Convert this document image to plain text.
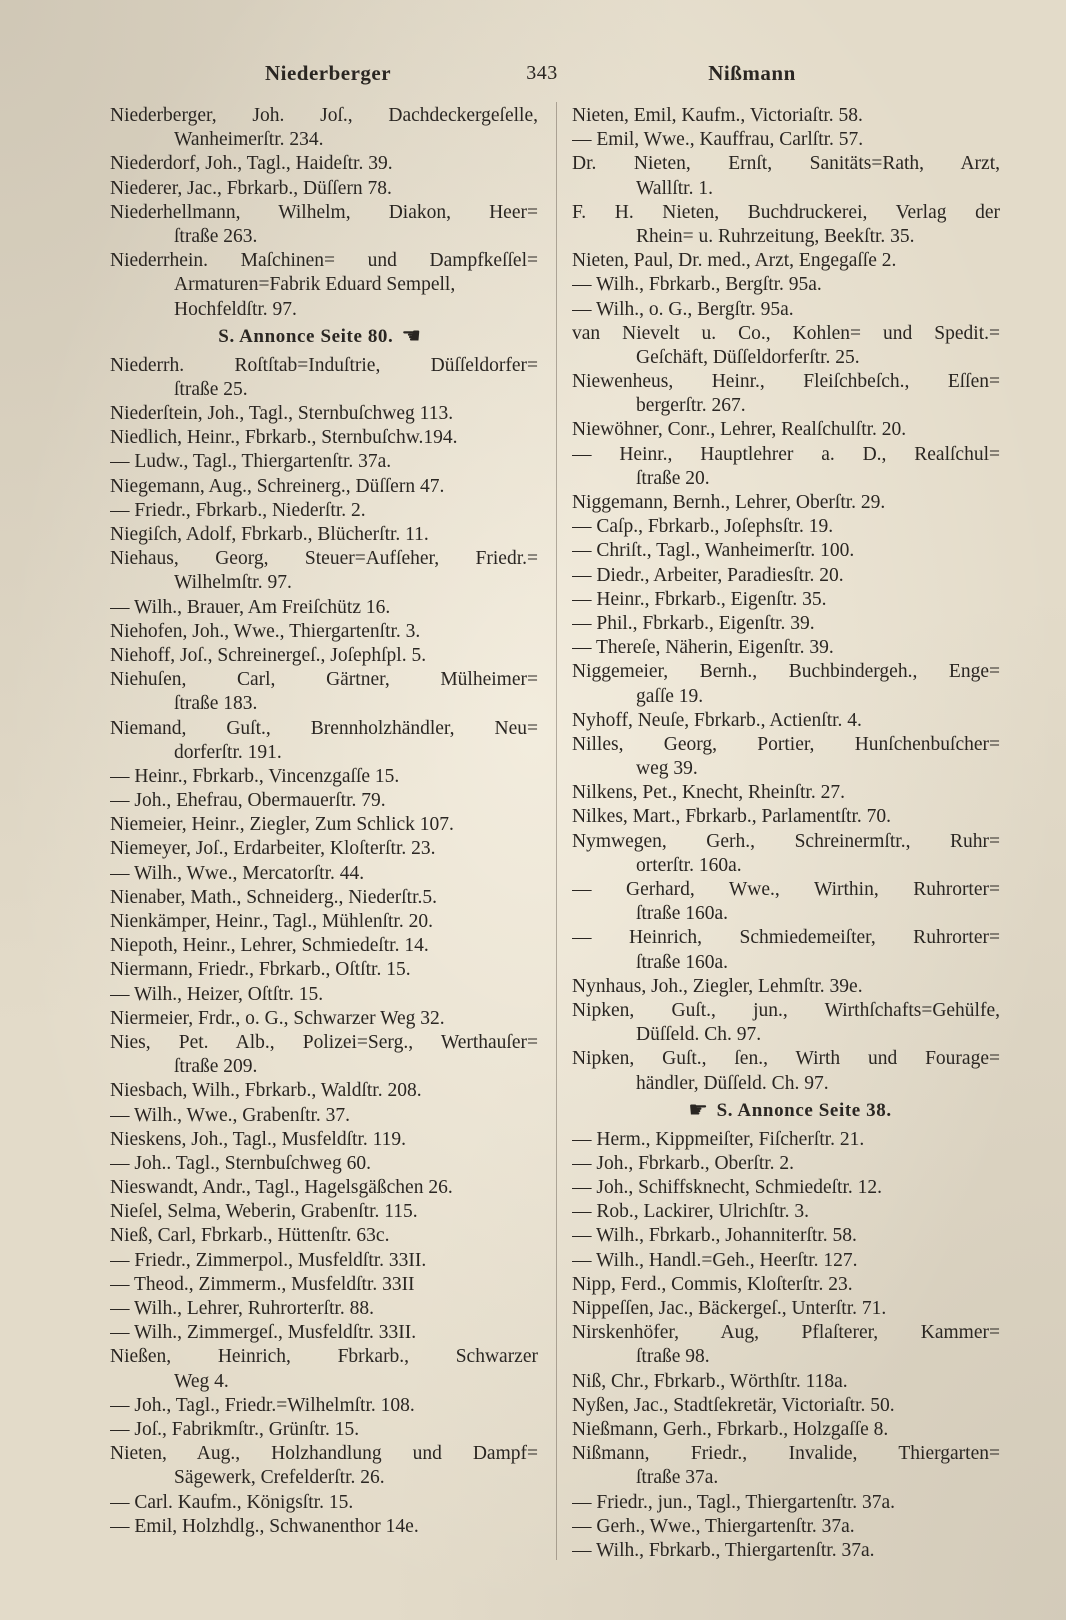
Niederberger	343	Nißmann
Niederberger, Joh. Joſ., Dachdeckergeſelle,
Wanheimerſtr. 234.
Niederdorf, Joh., Tagl., Haideſtr. 39.
Niederer, Jac., Fbrkarb., Düſſern 78.
Niederhellmann, Wilhelm, Diakon, Heer=
ſtraße 263.
Niederrhein. Maſchinen= und Dampfkeſſel=
Armaturen=Fabrik Eduard Sempell,
Hochfeldſtr. 97.
S. Annonce Seite 80. ☚
Niederrh. Roſtſtab=Induſtrie, Düſſeldorfer=
ſtraße 25.
Niederſtein, Joh., Tagl., Sternbuſchweg 113.
Niedlich, Heinr., Fbrkarb., Sternbuſchw.194.
— Ludw., Tagl., Thiergartenſtr. 37a.
Niegemann, Aug., Schreinerg., Düſſern 47.
— Friedr., Fbrkarb., Niederſtr. 2.
Niegiſch, Adolf, Fbrkarb., Blücherſtr. 11.
Niehaus, Georg, Steuer=Aufſeher, Friedr.=
Wilhelmſtr. 97.
— Wilh., Brauer, Am Freiſchütz 16.
Niehofen, Joh., Wwe., Thiergartenſtr. 3.
Niehoff, Joſ., Schreinergeſ., Joſephſpl. 5.
Niehuſen, Carl, Gärtner, Mülheimer=
ſtraße 183.
Niemand, Guſt., Brennholzhändler, Neu=
dorferſtr. 191.
— Heinr., Fbrkarb., Vincenzgaſſe 15.
— Joh., Ehefrau, Obermauerſtr. 79.
Niemeier, Heinr., Ziegler, Zum Schlick 107.
Niemeyer, Joſ., Erdarbeiter, Kloſterſtr. 23.
— Wilh., Wwe., Mercatorſtr. 44.
Nienaber, Math., Schneiderg., Niederſtr.5.
Nienkämper, Heinr., Tagl., Mühlenſtr. 20.
Niepoth, Heinr., Lehrer, Schmiedeſtr. 14.
Niermann, Friedr., Fbrkarb., Oſtſtr. 15.
— Wilh., Heizer, Oſtſtr. 15.
Niermeier, Frdr., o. G., Schwarzer Weg 32.
Nies, Pet. Alb., Polizei=Serg., Werthauſer=
ſtraße 209.
Niesbach, Wilh., Fbrkarb., Waldſtr. 208.
— Wilh., Wwe., Grabenſtr. 37.
Nieskens, Joh., Tagl., Musfeldſtr. 119.
— Joh.. Tagl., Sternbuſchweg 60.
Nieswandt, Andr., Tagl., Hagelsgäßchen 26.
Nieſel, Selma, Weberin, Grabenſtr. 115.
Nieß, Carl, Fbrkarb., Hüttenſtr. 63c.
— Friedr., Zimmerpol., Musfeldſtr. 33II.
— Theod., Zimmerm., Musfeldſtr. 33II
— Wilh., Lehrer, Ruhrorterſtr. 88.
— Wilh., Zimmergeſ., Musfeldſtr. 33II.
Nießen, Heinrich, Fbrkarb., Schwarzer
Weg 4.
— Joh., Tagl., Friedr.=Wilhelmſtr. 108.
— Joſ., Fabrikmſtr., Grünſtr. 15.
Nieten, Aug., Holzhandlung und Dampf=
Sägewerk, Crefelderſtr. 26.
— Carl. Kaufm., Königsſtr. 15.
— Emil, Holzhdlg., Schwanenthor 14e.
Nieten, Emil, Kaufm., Victoriaſtr. 58.
— Emil, Wwe., Kauffrau, Carlſtr. 57.
Dr. Nieten, Ernſt, Sanitäts=Rath, Arzt,
Wallſtr. 1.
F. H. Nieten, Buchdruckerei, Verlag der
Rhein= u. Ruhrzeitung, Beekſtr. 35.
Nieten, Paul, Dr. med., Arzt, Engegaſſe 2.
— Wilh., Fbrkarb., Bergſtr. 95a.
— Wilh., o. G., Bergſtr. 95a.
van Nievelt u. Co., Kohlen= und Spedit.=
Geſchäft, Düſſeldorferſtr. 25.
Niewenheus, Heinr., Fleiſchbeſch., Eſſen=
bergerſtr. 267.
Niewöhner, Conr., Lehrer, Realſchulſtr. 20.
— Heinr., Hauptlehrer a. D., Realſchul=
ſtraße 20.
Niggemann, Bernh., Lehrer, Oberſtr. 29.
— Caſp., Fbrkarb., Joſephsſtr. 19.
— Chriſt., Tagl., Wanheimerſtr. 100.
— Diedr., Arbeiter, Paradiesſtr. 20.
— Heinr., Fbrkarb., Eigenſtr. 35.
— Phil., Fbrkarb., Eigenſtr. 39.
— Thereſe, Näherin, Eigenſtr. 39.
Niggemeier, Bernh., Buchbindergeh., Enge=
gaſſe 19.
Nyhoff, Neuſe, Fbrkarb., Actienſtr. 4.
Nilles, Georg, Portier, Hunſchenbuſcher=
weg 39.
Nilkens, Pet., Knecht, Rheinſtr. 27.
Nilkes, Mart., Fbrkarb., Parlamentſtr. 70.
Nymwegen, Gerh., Schreinermſtr., Ruhr=
orterſtr. 160a.
— Gerhard, Wwe., Wirthin, Ruhrorter=
ſtraße 160a.
— Heinrich, Schmiedemeiſter, Ruhrorter=
ſtraße 160a.
Nynhaus, Joh., Ziegler, Lehmſtr. 39e.
Nipken, Guſt., jun., Wirthſchafts=Gehülfe,
Düſſeld. Ch. 97.
Nipken, Guſt., ſen., Wirth und Fourage=
händler, Düſſeld. Ch. 97.
☛ S. Annonce Seite 38.
— Herm., Kippmeiſter, Fiſcherſtr. 21.
— Joh., Fbrkarb., Oberſtr. 2.
— Joh., Schiffsknecht, Schmiedeſtr. 12.
— Rob., Lackirer, Ulrichſtr. 3.
— Wilh., Fbrkarb., Johanniterſtr. 58.
— Wilh., Handl.=Geh., Heerſtr. 127.
Nipp, Ferd., Commis, Kloſterſtr. 23.
Nippeſſen, Jac., Bäckergeſ., Unterſtr. 71.
Nirskenhöfer, Aug, Pflaſterer, Kammer=
ſtraße 98.
Niß, Chr., Fbrkarb., Wörthſtr. 118a.
Nyßen, Jac., Stadtſekretär, Victoriaſtr. 50.
Nießmann, Gerh., Fbrkarb., Holzgaſſe 8.
Nißmann, Friedr., Invalide, Thiergarten=
ſtraße 37a.
— Friedr., jun., Tagl., Thiergartenſtr. 37a.
— Gerh., Wwe., Thiergartenſtr. 37a.
— Wilh., Fbrkarb., Thiergartenſtr. 37a.
